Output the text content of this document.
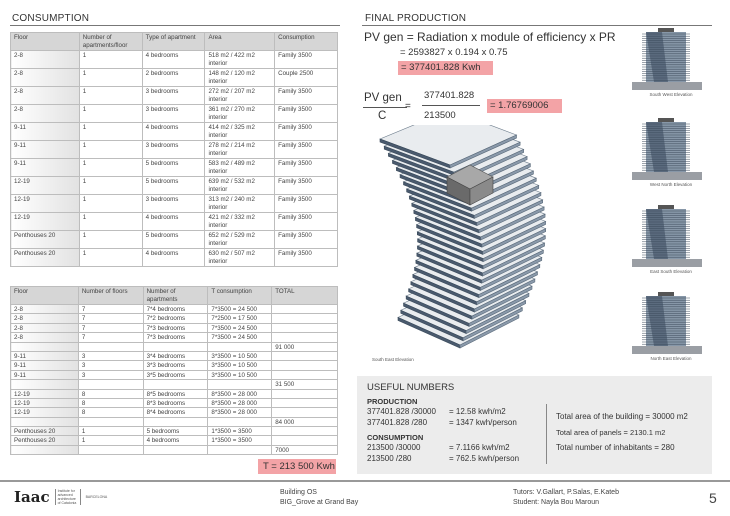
CONSUMPTION
Floor	Number of apartments/floor	Type of apartment	Area	Consumption
2-8	1	4 bedrooms	518 m2 / 422 m2 interior	Family 3500
2-8	1	2 bedrooms	148 m2 / 120 m2 interior	Couple 2500
2-8	1	3 bedrooms	272 m2 / 207 m2 interior	Family 3500
2-8	1	3 bedrooms	361 m2 / 270 m2 interior	Family 3500
9-11	1	4 bedrooms	414 m2 / 325 m2 interior	Family 3500
9-11	1	3 bedrooms	278 m2 / 214 m2 interior	Family 3500
9-11	1	5 bedrooms	583 m2 / 489 m2 interior	Family 3500
12-19	1	5 bedrooms	639 m2 / 532 m2 interior	Family 3500
12-19	1	3 bedrooms	313 m2 / 240 m2 interior	Family 3500
12-19	1	4 bedrooms	421 m2 / 332 m2 interior	Family 3500
Penthouses 20	1	5 bedrooms	652 m2 / 529 m2 interior	Family 3500
Penthouses 20	1	4 bedrooms	630 m2 / 507 m2 interior	Family 3500
Floor	Number of floors	Number of apartments	T consumption	TOTAL
2-8	7	7*4 bedrooms	7*3500 = 24 500	
2-8	7	7*2 bedrooms	7*2500 = 17 500	
2-8	7	7*3 bedrooms	7*3500 = 24 500	
2-8	7	7*3 bedrooms	7*3500 = 24 500	
				91 000
9-11	3	3*4 bedrooms	3*3500 = 10 500	
9-11	3	3*3 bedrooms	3*3500 = 10 500	
9-11	3	3*5 bedrooms	3*3500 = 10 500	
				31 500
12-19	8	8*5 bedrooms	8*3500 = 28 000	
12-19	8	8*3 bedrooms	8*3500 = 28 000	
12-19	8	8*4 bedrooms	8*3500 = 28 000	
				84 000
Penthouses 20	1	5 bedrooms	1*3500 = 3500	
Penthouses 20	1	4 bedrooms	1*3500 = 3500	
				7000
T = 213 500 Kwh
FINAL PRODUCTION
PV gen = Radiation x module of efficiency x PR
= 2593827 x 0.194 x 0.75
= 377401.828 Kwh
PV gen
C
=
377401.828
213500
= 1.76769006
South East Elevation
South West Elevation
West North Elevation
East South Elevation
North East Elevation
USEFUL NUMBERS
PRODUCTION
377401.828 /30000 = 12.58 kwh/m2
377401.828 /280	= 1347 kwh/person
CONSUMPTION
213500 /30000	= 7.1166 kwh/m2
213500 /280	= 762.5 kwh/person
Total area of the building = 30000 m2
Total area of panels = 2130.1 m2
Total number of inhabitants = 280
Iaac	Institute for advanced architecture of Catalonia
BARCELONA
Building OS
BIG_Grove at Grand Bay
Tutors: V.Gallart, P.Salas, E.Kateb
Student: Nayla Bou Maroun	5
